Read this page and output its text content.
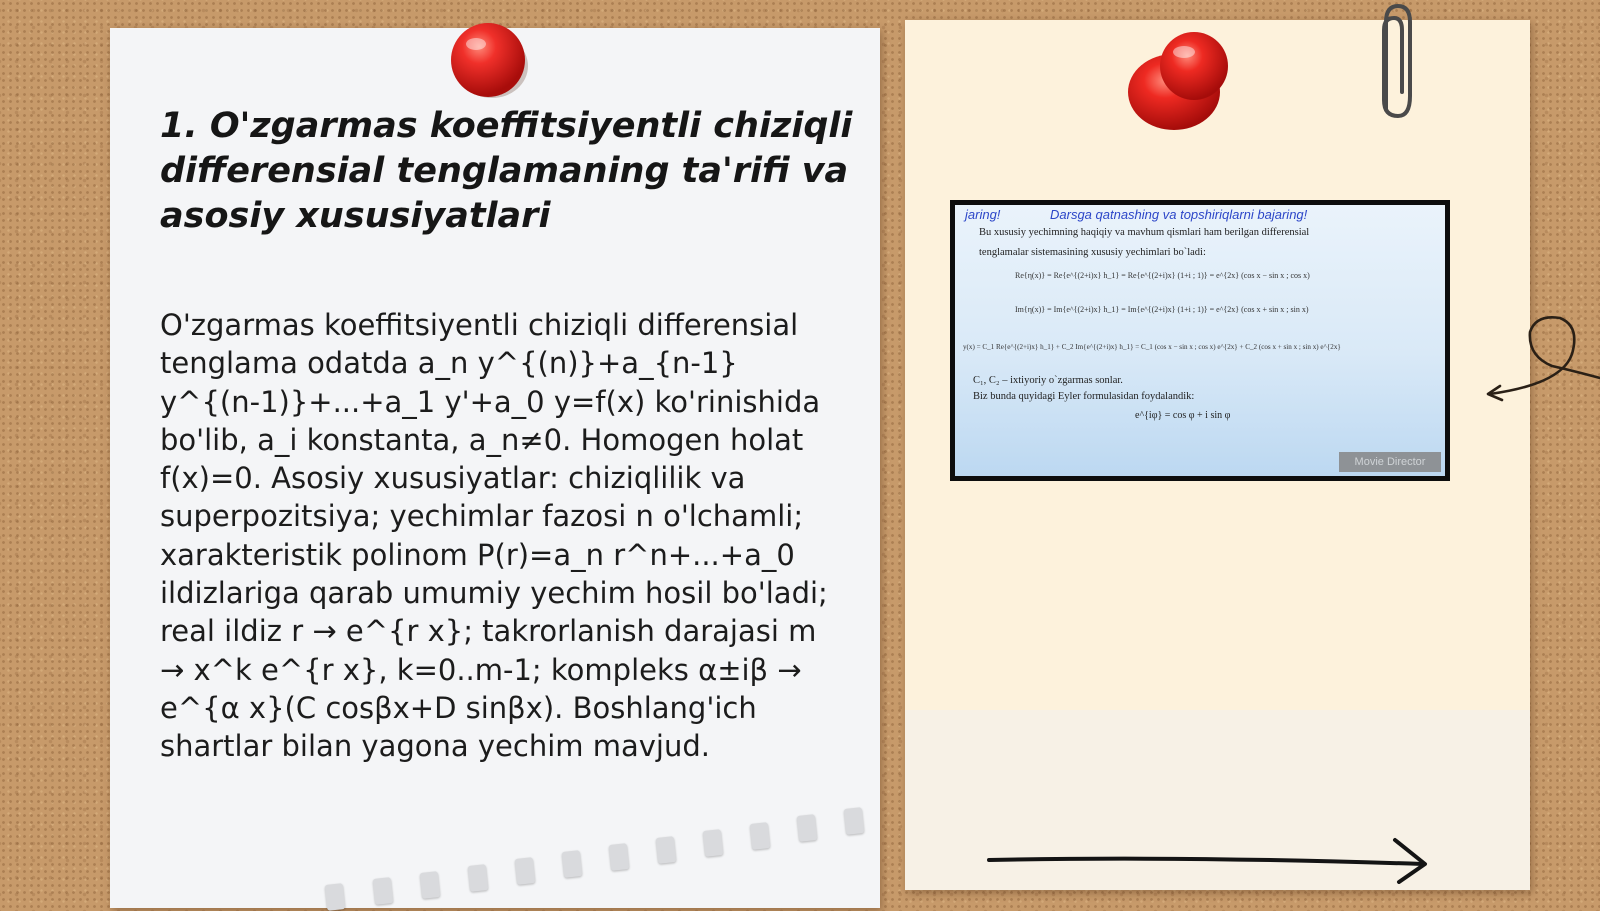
1. O'zgarmas koeffitsiyentli chiziqli differensial tenglamaning ta'rifi va asosiy xususiyatlari

O'zgarmas koeffitsiyentli chiziqli differensial tenglama odatda a_n y^{(n)}+a_{n-1} y^{(n-1)}+...+a_1 y'+a_0 y=f(x) ko'rinishida bo'lib, a_i konstanta, a_n≠0. Homogen holat f(x)=0. Asosiy xususiyatlar: chiziqlilik va superpozitsiya; yechimlar fazosi n o'lchamli; xarakteristik polinom P(r)=a_n r^n+...+a_0 ildizlariga qarab umumiy yechim hosil bo'ladi; real ildiz r → e^{r x}; takrorlanish darajasi m → x^k e^{r x}, k=0..m-1; kompleks α±iβ → e^{α x}(C cosβx+D sinβx). Boshlang'ich shartlar bilan yagona yechim mavjud.

jaring!	Darsga qatnashing va topshiriqlarni bajaring!
Bu xususiy yechimning haqiqiy va mavhum qismlari ham berilgan differensial
tenglamalar sistemasining xususiy yechimlari bo`ladi:
Re{η(x)} = Re{e^{(2+i)x} h_1} = Re{e^{(2+i)x} (1+i ; 1)} = e^{2x} (cos x − sin x ; cos x)
Im{η(x)} = Im{e^{(2+i)x} h_1} = Im{e^{(2+i)x} (1+i ; 1)} = e^{2x} (cos x + sin x ; sin x)
y(x) = C_1 Re{e^{(2+i)x} h_1} + C_2 Im{e^{(2+i)x} h_1} = C_1 (cos x − sin x ; cos x) e^{2x} + C_2 (cos x + sin x ; sin x) e^{2x}
C₁, C₂ – ixtiyoriy o`zgarmas sonlar.
Biz bunda quyidagi Eyler formulasidan foydalandik:
e^{iφ} = cos φ + i sin φ
Movie Director
